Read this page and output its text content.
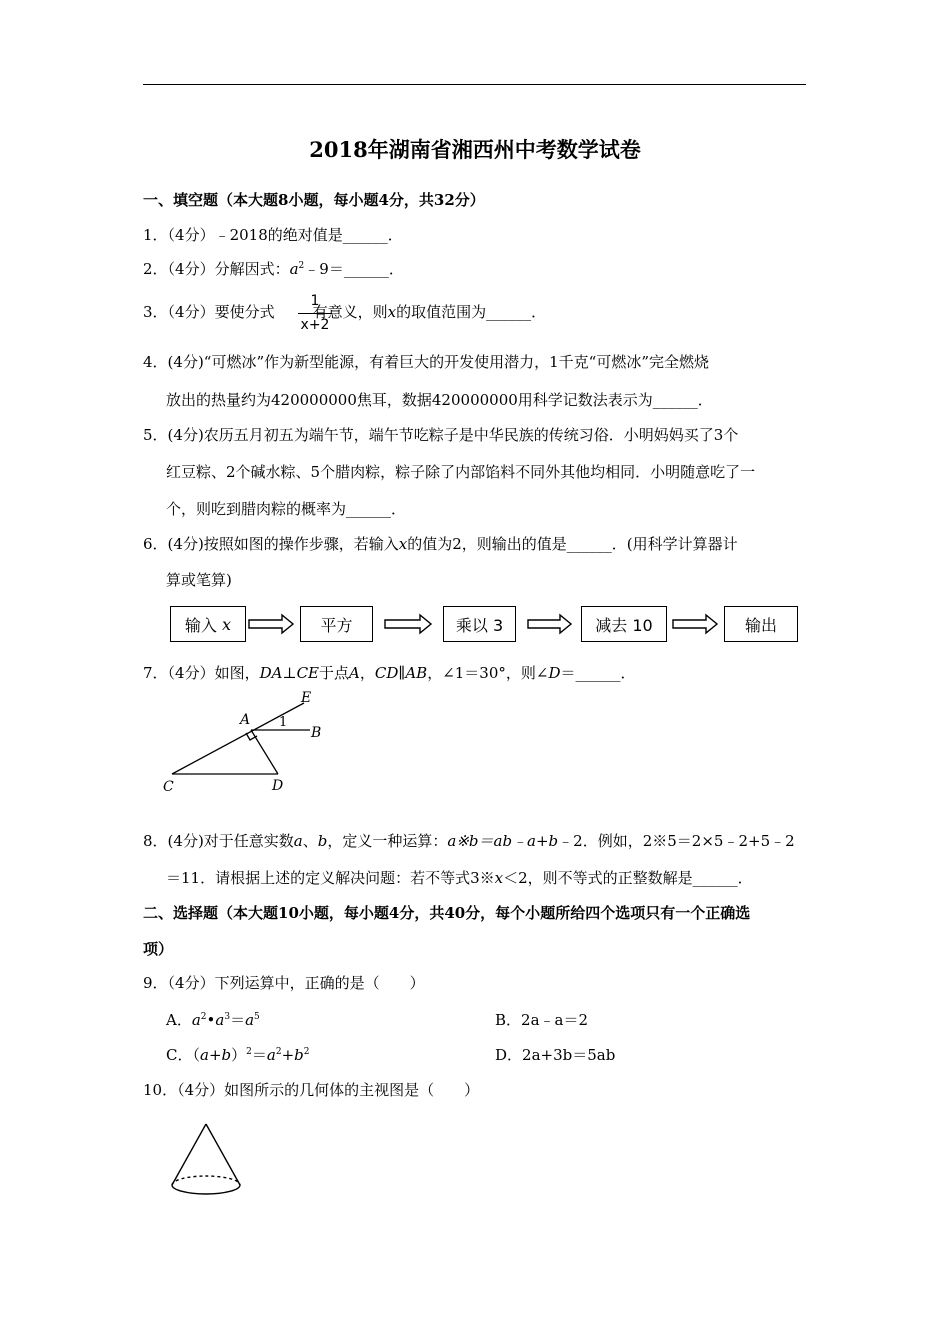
2018年湖南省湘西州中考数学试卷
一、填空题（本大题8小题，每小题4分，共32分）
1．（4分）﹣2018的绝对值是______．
2．（4分）分解因式：$a^2﹣9=\_\_\_\_\_\_$．
3．（4分）要使分式	有意义，则x的取值范围为______．
1
x+2
4．(4分)“可燃冰”作为新型能源，有着巨大的开发使用潜力，1千克“可燃冰”完全燃烧
放出的热量约为420000000焦耳，数据420000000用科学记数法表示为______．
5．(4分)农历五月初五为端午节，端午节吃粽子是中华民族的传统习俗．小明妈妈买了3个
红豆粽、2个碱水粽、5个腊肉粽，粽子除了内部馅料不同外其他均相同．小明随意吃了一
个，则吃到腊肉粽的概率为______．
6．(4分)按照如图的操作步骤，若输入x的值为2，则输出的值是______．(用科学计算器计
算或笔算)
输入
x	平方	乘以 3	减去 10	输出
7．（4分）如图，DA⊥CE于点A，CD∥AB，∠1＝30°，则∠D＝______．
E
A
B
C	D
1
8．(4分)对于任意实数a、b，定义一种运算：a※b＝ab﹣a+b﹣2．例如，2※5＝2×5﹣2+5﹣2
＝11．请根据上述的定义解决问题：若不等式3※x＜2，则不等式的正整数解是______．
二、选择题（本大题10小题，每小题4分，共40分，每个小题所给四个选项只有一个正确选
项）
9．（4分）下列运算中，正确的是（　　）
A．$a^2•a^3=a^5$	B．2a﹣a＝2
C．$(a+b)^2=a^2+b^2$	D．2a+3b＝5ab
10．（4分）如图所示的几何体的主视图是（　　）
